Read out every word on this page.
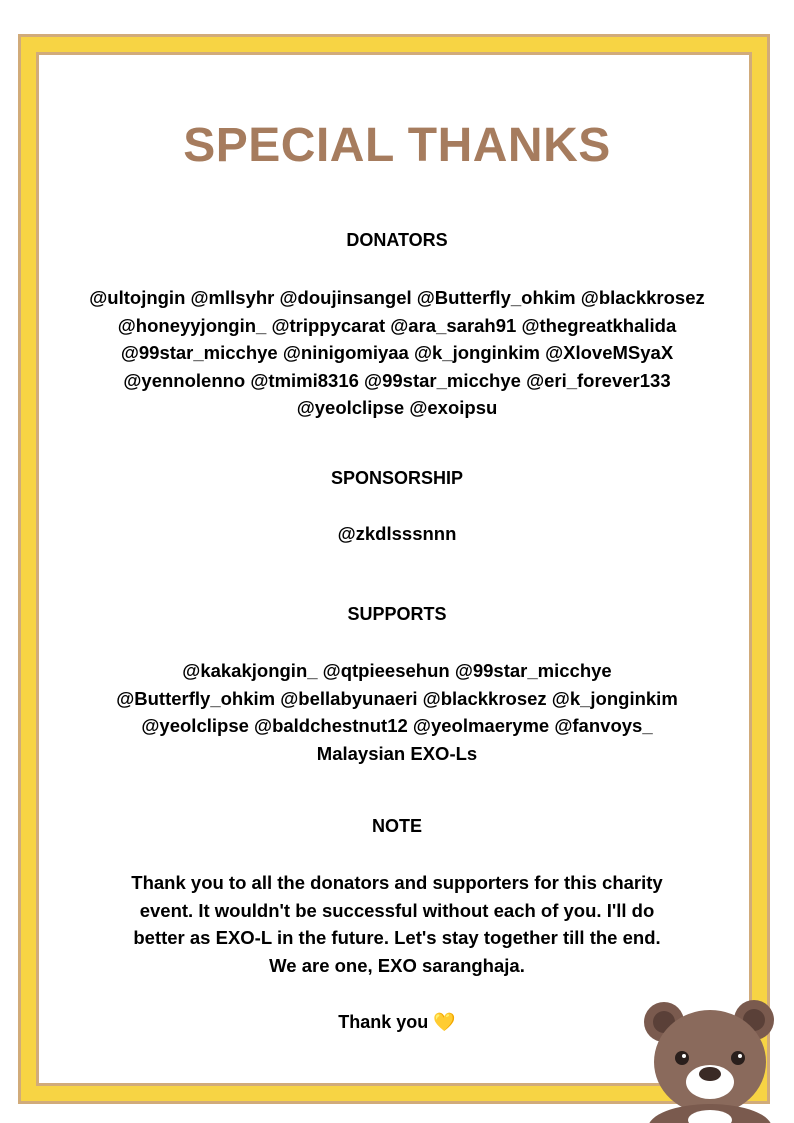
SPECIAL THANKS
DONATORS

@ultojngin @mllsyhr @doujinsangel @Butterfly_ohkim @blackkrosez
@honeyyjongin_ @trippycarat @ara_sarah91 @thegreatkhalida
@99star_micchye @ninigomiyaa @k_jonginkim @XloveMSyaX
@yennolenno @tmimi8316 @99star_micchye @eri_forever133
@yeolclipse @exoipsu

SPONSORSHIP

@zkdlsssnnn

SUPPORTS

@kakakjongin_ @qtpieesehun @99star_micchye
@Butterfly_ohkim @bellabyunaeri @blackkrosez @k_jonginkim
@yeolclipse @baldchestnut12 @yeolmaeryme @fanvoys_
Malaysian EXO-Ls

NOTE

Thank you to all the donators and supporters for this charity
event. It wouldn't be successful without each of you. I'll do
better as EXO-L in the future. Let's stay together till the end.
We are one, EXO saranghaja.

Thank you 💛
